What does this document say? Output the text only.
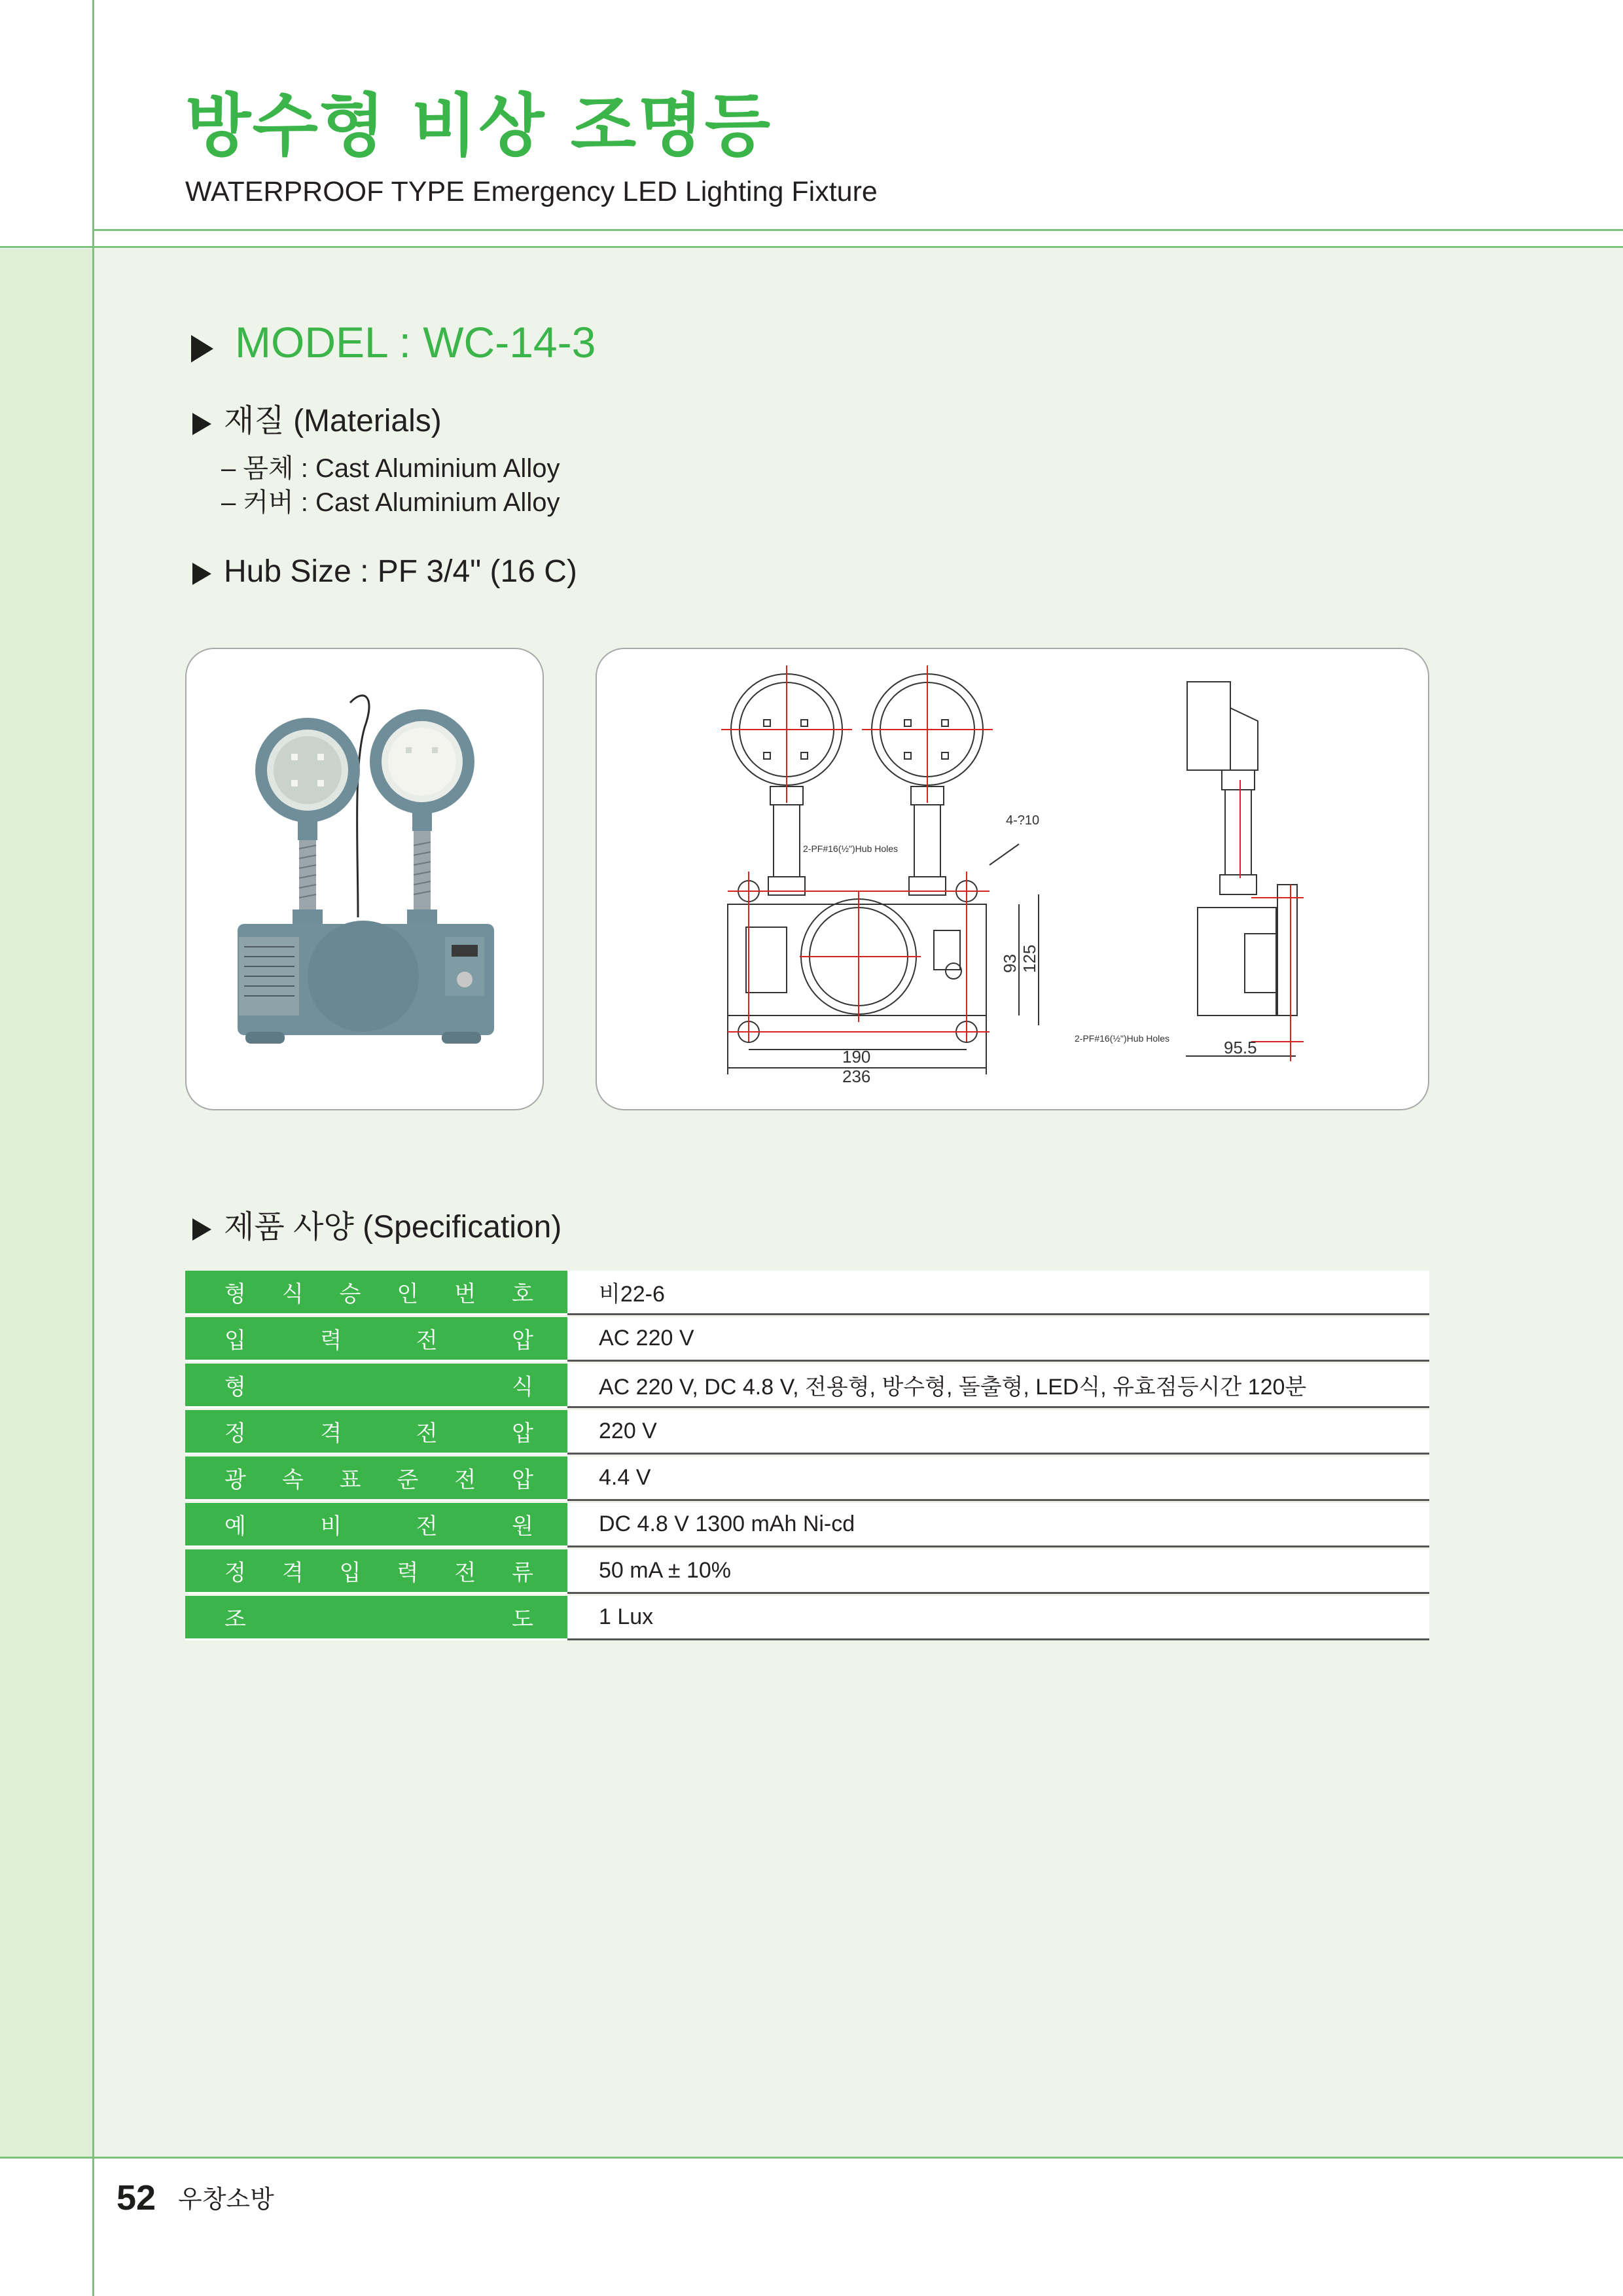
방수형 비상 조명등
WATERPROOF TYPE Emergency LED Lighting Fixture
MODEL : WC-14-3
재질 (Materials)
– 몸체 : Cast Aluminium Alloy
– 커버 : Cast Aluminium Alloy
Hub Size : PF 3/4" (16 C)
4-?10
2-PF#16(½")Hub Holes
2-PF#16(½")Hub Holes
190
236
93 125
95.5
제품 사양 (Specification)
형 식 승 인 번 호	비22-6
입	력	전	압	AC 220 V
형	식	AC 220 V, DC 4.8 V, 전용형, 방수형, 돌출형, LED식, 유효점등시간 120분
정	격	전	압	220 V
광 속 표 준 전 압	4.4 V
예	비	전	원	DC 4.8 V 1300 mAh Ni-cd
정 격 입 력 전 류	50 mA ± 10%
조	도	1 Lux
52 우창소방
